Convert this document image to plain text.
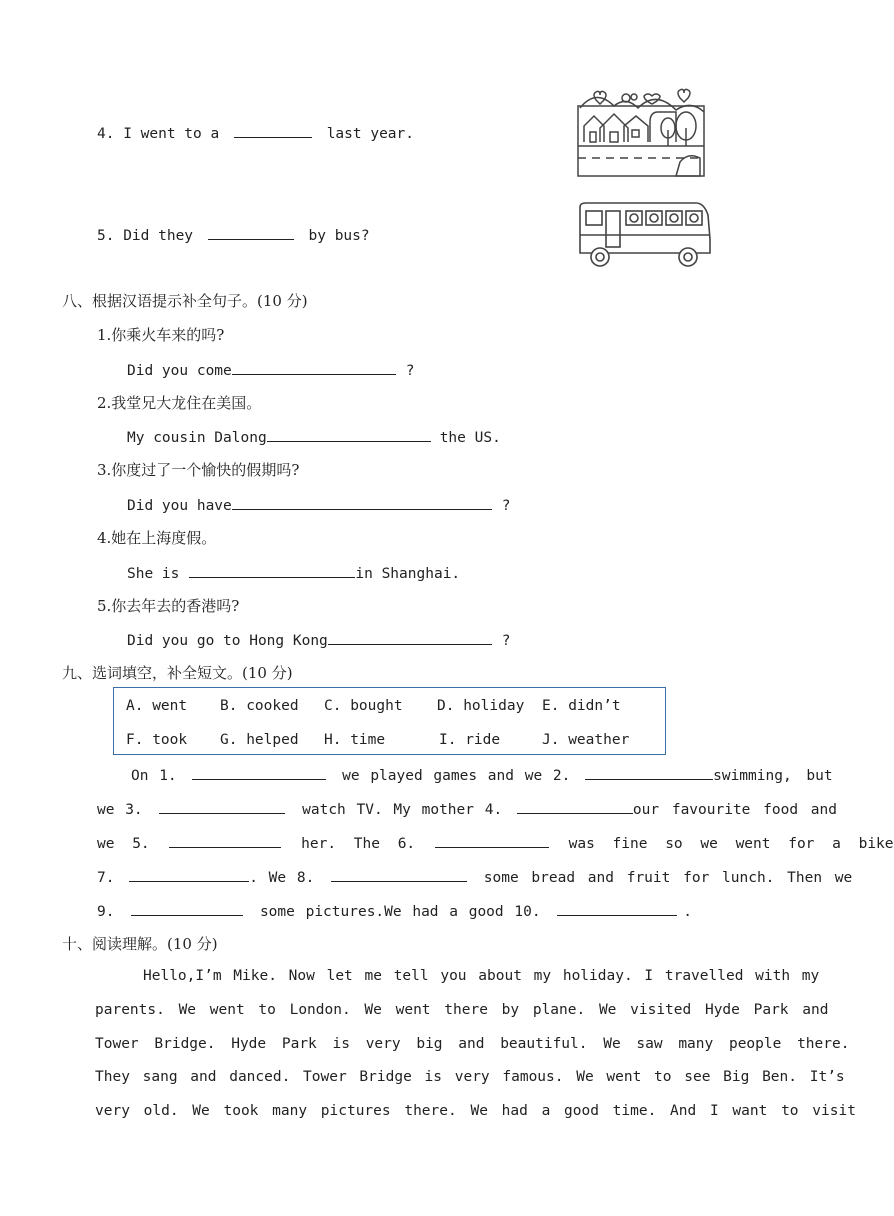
4. I went to a	last year.
5. Did they	by bus?
八、根据汉语提示补全句子。(10 分)
1.你乘火车来的吗?
Did you come	?
2.我堂兄大龙住在美国。
My cousin Dalong	the US.
3.你度过了一个愉快的假期吗?
Did you have	?
4.她在上海度假。
She is	in Shanghai.
5.你去年去的香港吗?
Did you go to Hong Kong	?
九、选词填空，补全短文。(10 分)
A. went B. cooked C. bought D. holiday E. didn’t
F. took G. helped H. time	I. ride	J. weather
On 1.	we played games and we 2.	swimming, but
we 3.	watch TV. My mother 4.	our favourite food and
we 5.	her. The 6.	was fine so we went for a bike
7.	. We 8.	some bread and fruit for lunch. Then we
9.	some pictures.We had a good 10.	.
十、阅读理解。(10 分)
Hello,I’m Mike. Now let me tell you about my holiday. I travelled with my
parents. We went to London. We went there by plane. We visited Hyde Park and
Tower Bridge. Hyde Park is very big and beautiful. We saw many people there.
They sang and danced. Tower Bridge is very famous. We went to see Big Ben. It’s
very old. We took many pictures there. We had a good time. And I want to visit
